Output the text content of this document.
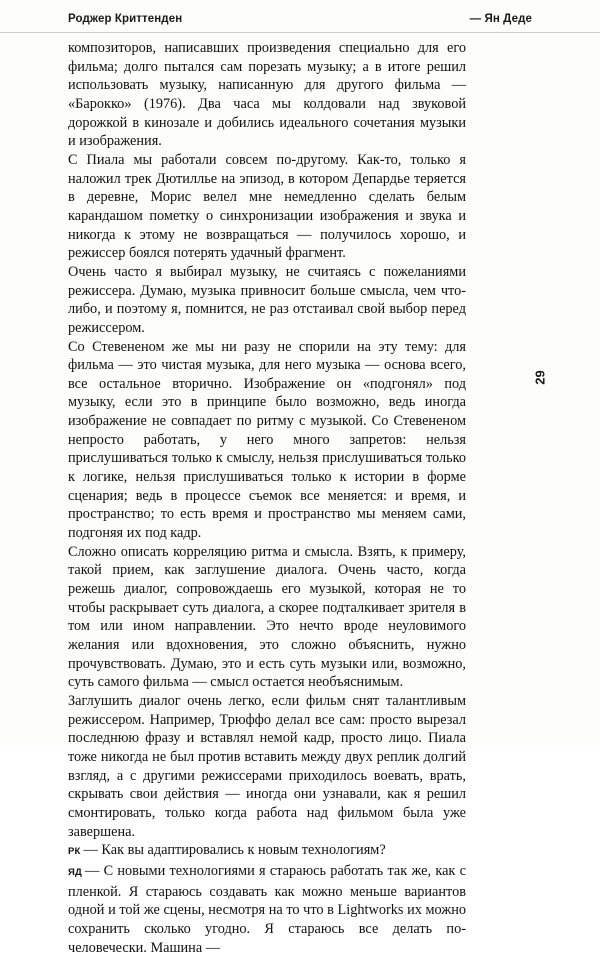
Роджер Криттенден	— Ян Деде
29

композиторов, написавших произведения специально для его фильма; долго пытался сам порезать музыку; а в итоге решил использовать музыку, написанную для другого фильма — «Барокко» (1976). Два часа мы колдовали над звуковой дорожкой в кинозале и добились идеального сочетания музыки и изображения.

С Пиала мы работали совсем по-другому. Как-то, только я наложил трек Дютилльe на эпизод, в котором Депардье теряется в деревне, Морис велел мне немедленно сделать белым карандашом пометку о синхронизации изображения и звука и никогда к этому не возвращаться — получилось хорошо, и режиссер боялся потерять удачный фрагмент.

Очень часто я выбирал музыку, не считаясь с пожеланиями режиссера. Думаю, музыка привносит больше смысла, чем что-либо, и поэтому я, помнится, не раз отстаивал свой выбор перед режиссером.

Со Стевененом же мы ни разу не спорили на эту тему: для фильма — это чистая музыка, для него музыка — основа всего, все остальное вторично. Изображение он «подгонял» под музыку, если это в принципе было возможно, ведь иногда изображение не совпадает по ритму с музыкой. Со Стевененом непросто работать, у него много запретов: нельзя прислушиваться только к смыслу, нельзя прислушиваться только к логике, нельзя прислушиваться только к истории в форме сценария; ведь в процессе съемок все меняется: и время, и пространство; то есть время и пространство мы меняем сами, подгоняя их под кадр.

Сложно описать корреляцию ритма и смысла. Взять, к примеру, такой прием, как заглушение диалога. Очень часто, когда режешь диалог, сопровождаешь его музыкой, которая не то чтобы раскрывает суть диалога, а скорее подталкивает зрителя в том или ином направлении. Это нечто вроде неуловимого желания или вдохновения, это сложно объяснить, нужно прочувствовать. Думаю, это и есть суть музыки или, возможно, суть самого фильма — смысл остается необъяснимым.

Заглушить диалог очень легко, если фильм снят талантливым режиссером. Например, Трюффо делал все сам: просто вырезал последнюю фразу и вставлял немой кадр, просто лицо. Пиала тоже никогда не был против вставить между двух реплик долгий взгляд, а с другими режиссерами приходилось воевать, врать, скрывать свои действия — иногда они узнавали, как я решил смонтировать, только когда работа над фильмом была уже завершена.

РК — Как вы адаптировались к новым технологиям?

ЯД — С новыми технологиями я стараюсь работать так же, как с пленкой. Я стараюсь создавать как можно меньше вариантов одной и той же сцены, несмотря на то что в Lightworks их можно сохранить сколько угодно. Я стараюсь все делать по-человечески. Машина —
